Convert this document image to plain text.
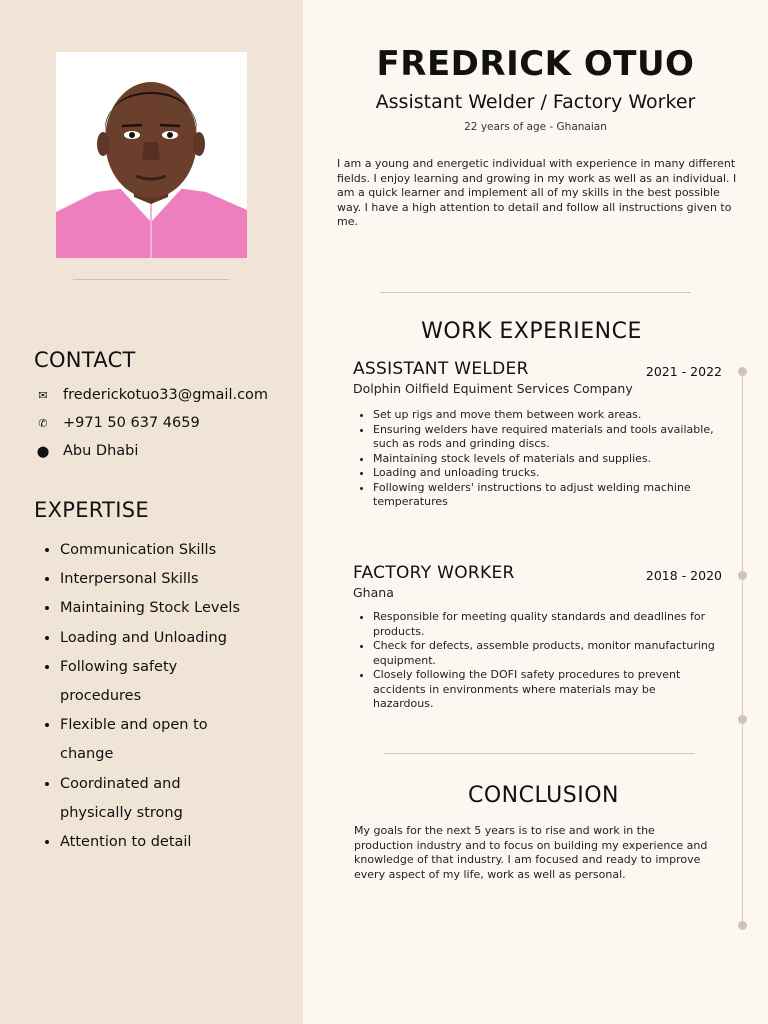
CONTACT
✉ frederickotuo33@gmail.com
✆ +971 50 637 4659
⬤ Abu Dhabi
EXPERTISE
• Communication Skills
• Interpersonal Skills
• Maintaining Stock Levels
• Loading and Unloading
• Following safety procedures
• Flexible and open to change
• Coordinated and physically strong
• Attention to detail
FREDRICK OTUO
Assistant Welder / Factory Worker
22 years of age - Ghanaian
I am a young and energetic individual with experience in many different fields. I enjoy learning and growing in my work as well as an individual. I am a quick learner and implement all of my skills in the best possible way. I have a high attention to detail and follow all instructions given to me.
WORK EXPERIENCE
ASSISTANT WELDER	2021 - 2022
Dolphin Oilfield Equiment Services Company
• Set up rigs and move them between work areas.
• Ensuring welders have required materials and tools available, such as rods and grinding discs.
• Maintaining stock levels of materials and supplies.
• Loading and unloading trucks.
• Following welders' instructions to adjust welding machine temperatures
FACTORY WORKER	2018 - 2020
Ghana
• Responsible for meeting quality standards and deadlines for products.
• Check for defects, assemble products, monitor manufacturing equipment.
• Closely following the DOFI safety procedures to prevent accidents in environments where materials may be hazardous.
CONCLUSION
My goals for the next 5 years is to rise and work in the production industry and to focus on building my experience and knowledge of that industry. I am focused and ready to improve every aspect of my life, work as well as personal.
